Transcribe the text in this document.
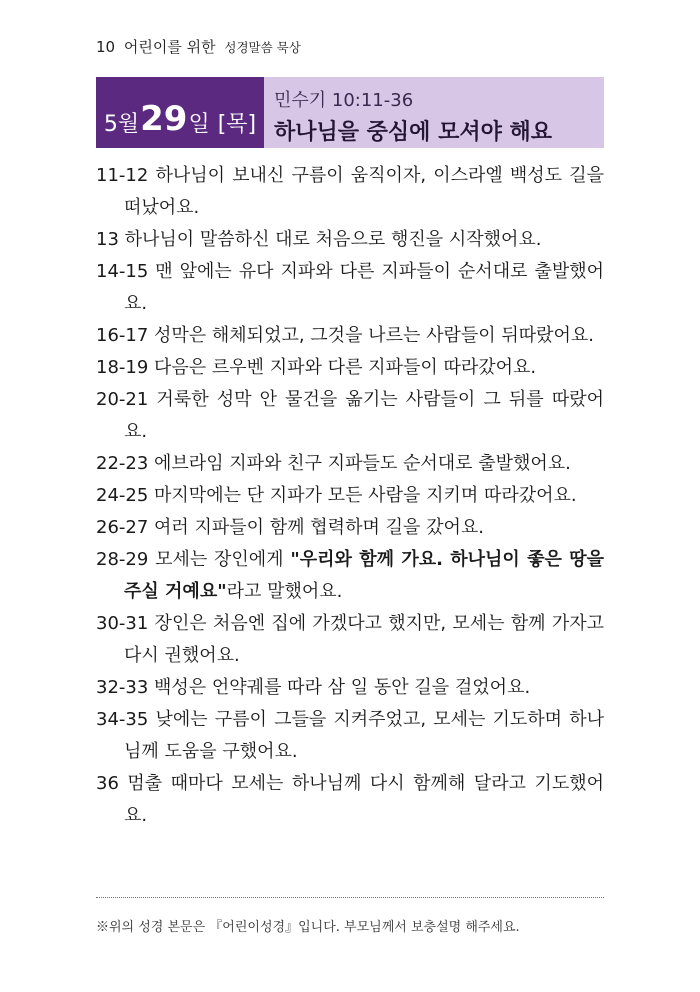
10 어린이를 위한 성경말씀 묵상
5 월 29 일 [목]
민수기 10:11-36
하나님을 중심에 모셔야 해요
11-12 하나님이 보내신 구름이 움직이자, 이스라엘 백성도 길을 떠났어요.
13 하나님이 말씀하신 대로 처음으로 행진을 시작했어요.
14-15 맨 앞에는 유다 지파와 다른 지파들이 순서대로 출발했어요.
16-17 성막은 해체되었고, 그것을 나르는 사람들이 뒤따랐어요.
18-19 다음은 르우벤 지파와 다른 지파들이 따라갔어요.
20-21 거룩한 성막 안 물건을 옮기는 사람들이 그 뒤를 따랐어요.
22-23 에브라임 지파와 친구 지파들도 순서대로 출발했어요.
24-25 마지막에는 단 지파가 모든 사람을 지키며 따라갔어요.
26-27 여러 지파들이 함께 협력하며 길을 갔어요.
28-29 모세는 장인에게 "우리와 함께 가요. 하나님이 좋은 땅을 주실 거예요"라고 말했어요.
30-31 장인은 처음엔 집에 가겠다고 했지만, 모세는 함께 가자고 다시 권했어요.
32-33 백성은 언약궤를 따라 삼 일 동안 길을 걸었어요.
34-35 낮에는 구름이 그들을 지켜주었고, 모세는 기도하며 하나님께 도움을 구했어요.
36 멈출 때마다 모세는 하나님께 다시 함께해 달라고 기도했어요.
※위의 성경 본문은 『어린이성경』입니다. 부모님께서 보충설명 해주세요.
